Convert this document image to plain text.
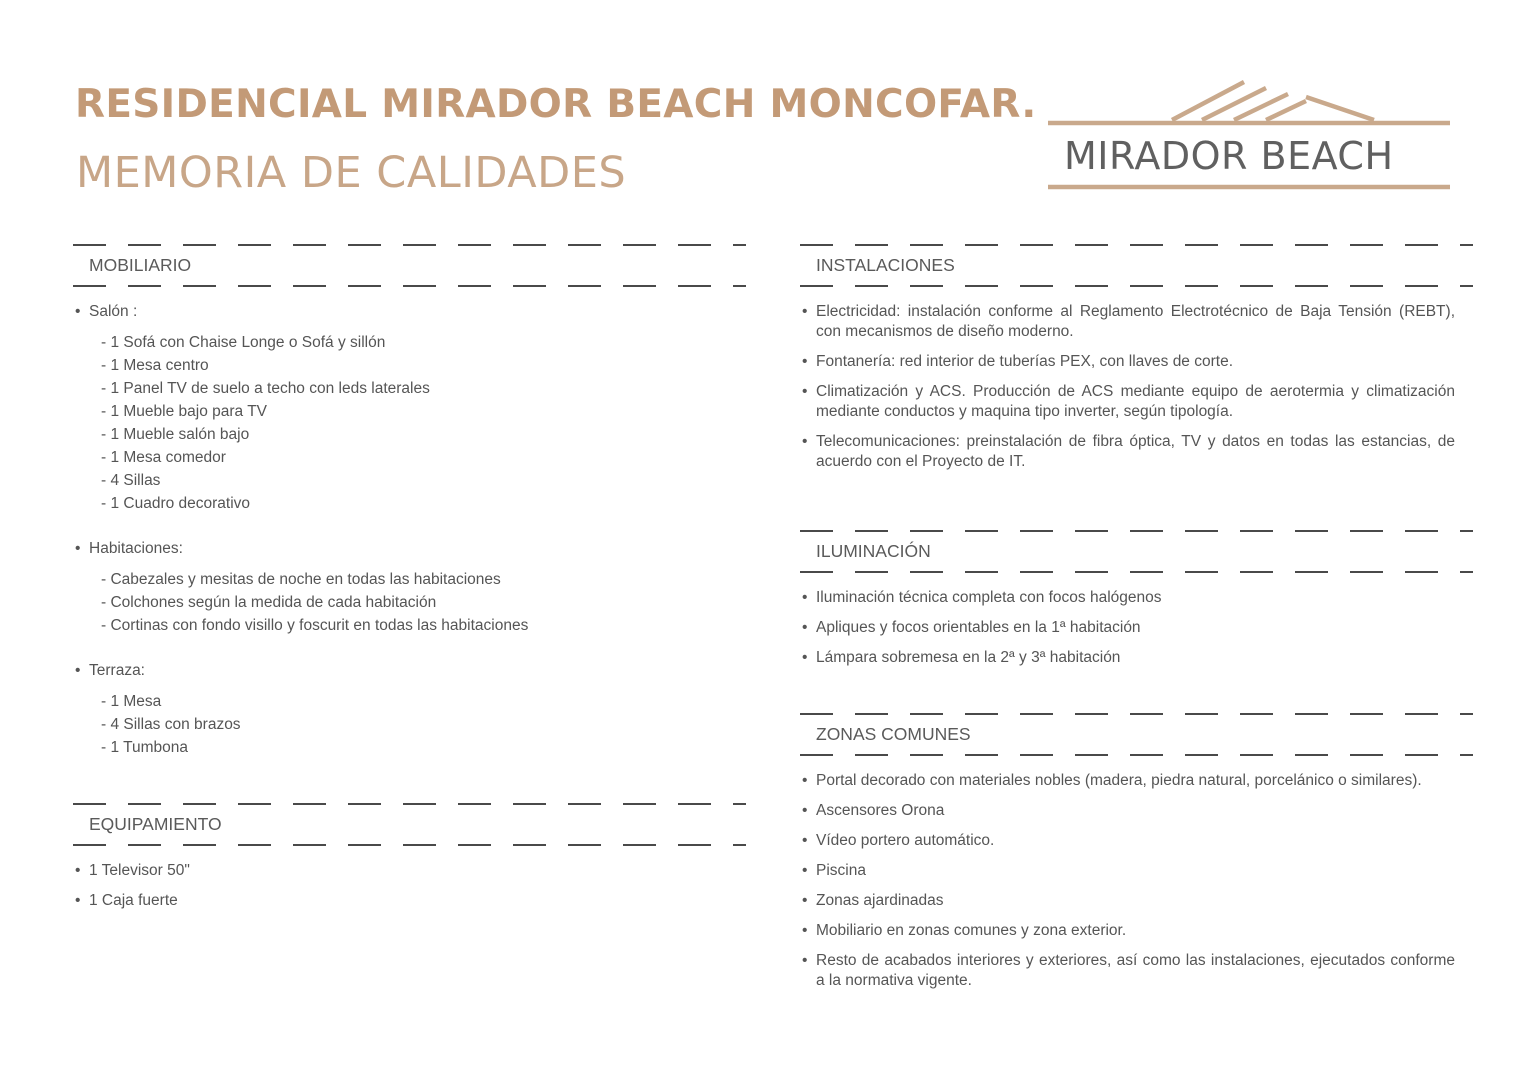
RESIDENCIAL MIRADOR BEACH MONCOFAR.
MEMORIA DE CALIDADES	MIRADOR BEACH
MOBILIARIO
• Salón :
- 1 Sofá con Chaise Longe o Sofá y sillón
- 1 Mesa centro
- 1 Panel TV de suelo a techo con leds laterales
- 1 Mueble bajo para TV
- 1 Mueble salón bajo
- 1 Mesa comedor
- 4 Sillas
- 1 Cuadro decorativo
• Habitaciones:
- Cabezales y mesitas de noche en todas las habitaciones
- Colchones según la medida de cada habitación
- Cortinas con fondo visillo y foscurit en todas las habitaciones
• Terraza:
- 1 Mesa
- 4 Sillas con brazos
- 1 Tumbona
EQUIPAMIENTO
• 1 Televisor 50"
• 1 Caja fuerte
INSTALACIONES
• Electricidad: instalación conforme al Reglamento Electrotécnico de Baja Tensión (REBT), con mecanismos de diseño moderno.
• Fontanería: red interior de tuberías PEX, con llaves de corte.
• Climatización y ACS. Producción de ACS mediante equipo de aerotermia y climatización mediante conductos y maquina tipo inverter, según tipología.
• Telecomunicaciones: preinstalación de fibra óptica, TV y datos en todas las estancias, de acuerdo con el Proyecto de IT.
ILUMINACIÓN
• Iluminación técnica completa con focos halógenos
• Apliques y focos orientables en la 1ª habitación
• Lámpara sobremesa en la 2ª y 3ª habitación
ZONAS COMUNES
• Portal decorado con materiales nobles (madera, piedra natural, porcelánico o similares).
• Ascensores Orona
• Vídeo portero automático.
• Piscina
• Zonas ajardinadas
• Mobiliario en zonas comunes y zona exterior.
• Resto de acabados interiores y exteriores, así como las instalaciones, ejecutados conforme a la normativa vigente.
